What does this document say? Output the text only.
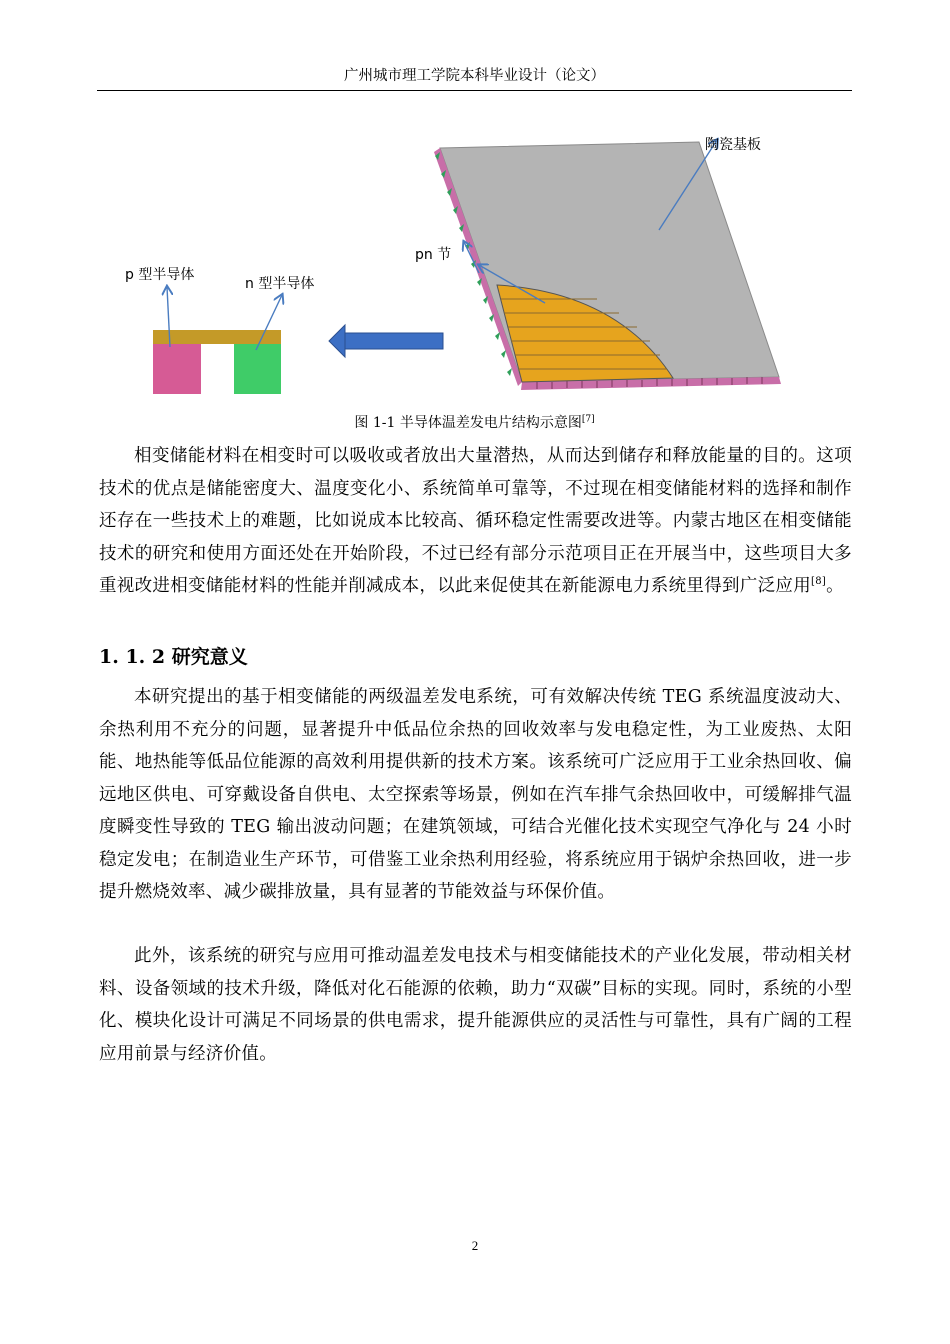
广州城市理工学院本科毕业设计（论文）
陶瓷基板
pn 节
p 型半导体
n 型半导体
图 1-1 半导体温差发电片结构示意图[7]

相变储能材料在相变时可以吸收或者放出大量潜热，从而达到储存和释放能量的目的。这项技术的优点是储能密度大、温度变化小、系统简单可靠等，不过现在相变储能材料的选择和制作还存在一些技术上的难题，比如说成本比较高、循环稳定性需要改进等。内蒙古地区在相变储能技术的研究和使用方面还处在开始阶段，不过已经有部分示范项目正在开展当中，这些项目大多重视改进相变储能材料的性能并削减成本，以此来促使其在新能源电力系统里得到广泛应用[8]。

1. 1. 2 研究意义

本研究提出的基于相变储能的两级温差发电系统，可有效解决传统 TEG 系统温度波动大、余热利用不充分的问题，显著提升中低品位余热的回收效率与发电稳定性，为工业废热、太阳能、地热能等低品位能源的高效利用提供新的技术方案。该系统可广泛应用于工业余热回收、偏远地区供电、可穿戴设备自供电、太空探索等场景，例如在汽车排气余热回收中，可缓解排气温度瞬变性导致的 TEG 输出波动问题；在建筑领域，可结合光催化技术实现空气净化与 24 小时稳定发电；在制造业生产环节，可借鉴工业余热利用经验，将系统应用于锅炉余热回收，进一步提升燃烧效率、减少碳排放量，具有显著的节能效益与环保价值。

此外，该系统的研究与应用可推动温差发电技术与相变储能技术的产业化发展，带动相关材料、设备领域的技术升级，降低对化石能源的依赖，助力“双碳”目标的实现。同时，系统的小型化、模块化设计可满足不同场景的供电需求，提升能源供应的灵活性与可靠性，具有广阔的工程应用前景与经济价值。

2
